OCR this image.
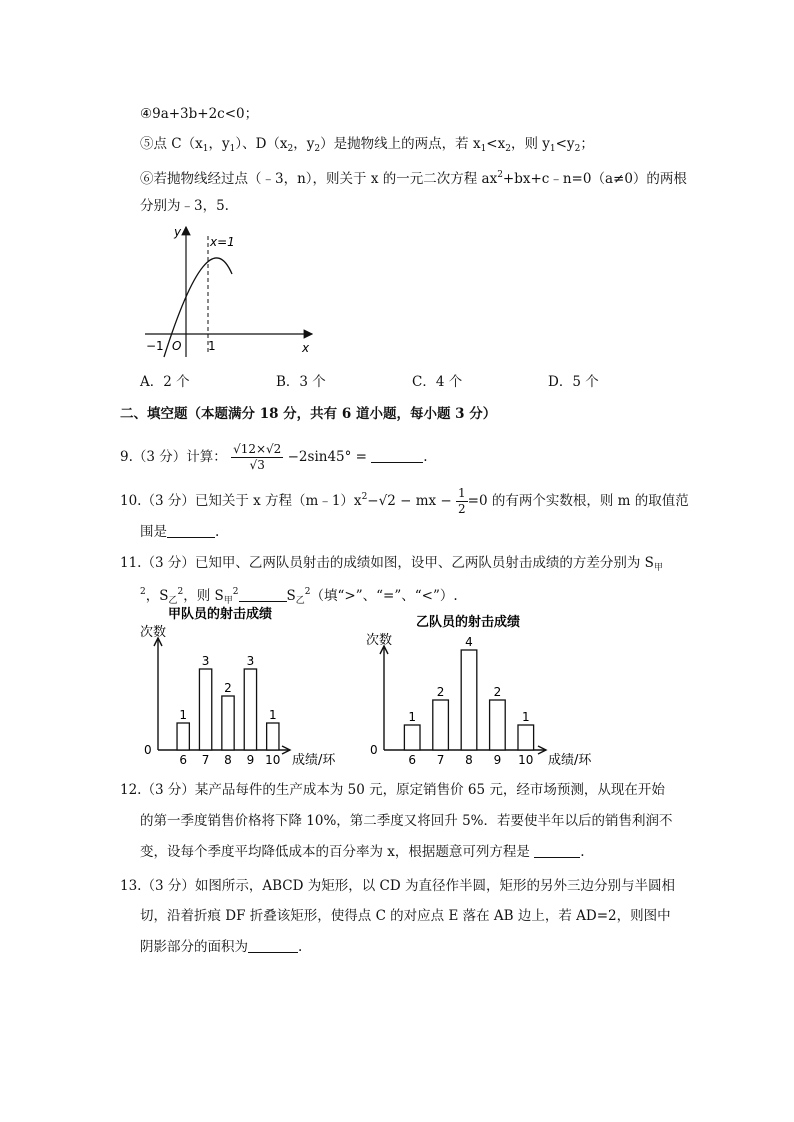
④9a+3b+2c<0；
⑤点 $C(x_1$，$y_1$）、$D(x_2$，$y_2$）是抛物线上的两点，若 $x_1<x_2$，则 $y_1<y_2$；
⑥若抛物线经过点（﹣3，n），则关于 x 的一元二次方程 $ax^2+bx+c﹣n=0(a\ne 0)$的两根
分别为﹣3，5.
y
x
x=1
O
−1	1
A．2 个	B．3 个	C．4 个	D．5 个
二、填空题（本题满分 18 分，共有 6 道小题，每小题 3 分）
9.（3 分）计算： $\frac{√12\times√2}{√3} -2\sin 45^\circ$ =	.
10.（3 分）已知关于 x 方程$(m﹣1)x^2-√2$ − mx − $\frac{1}{2} =0$ 的有两个实数根，则 m 的取值范
围是	.
11.（3 分）已知甲、乙两队员射击的成绩如图，设甲、乙两队员射击成绩的方差分别为 $S_甲$
$^2$，$S_乙^2$，则 $S_甲^2$	$S_乙^2$（填“>”、“=”、“<”）.
甲队员的射击成绩
次数
0
成绩/环
1
6
3
7
2
8
3
9
1
10
乙队员的射击成绩
次数
0
成绩/环
1
6
2
7
4
8
2
9
1
10
12.（3 分）某产品每件的生产成本为 50 元，原定销售价 65 元，经市场预测，从现在开始
的第一季度销售价格将下降 10%，第二季度又将回升 5%．若要使半年以后的销售利润不
变，设每个季度平均降低成本的百分率为 x，根据题意可列方程是	.
13.（3 分）如图所示，ABCD 为矩形，以 CD 为直径作半圆，矩形的另外三边分别与半圆相
切，沿着折痕 DF 折叠该矩形，使得点 C 的对应点 E 落在 AB 边上，若 AD=2，则图中
阴影部分的面积为	.
